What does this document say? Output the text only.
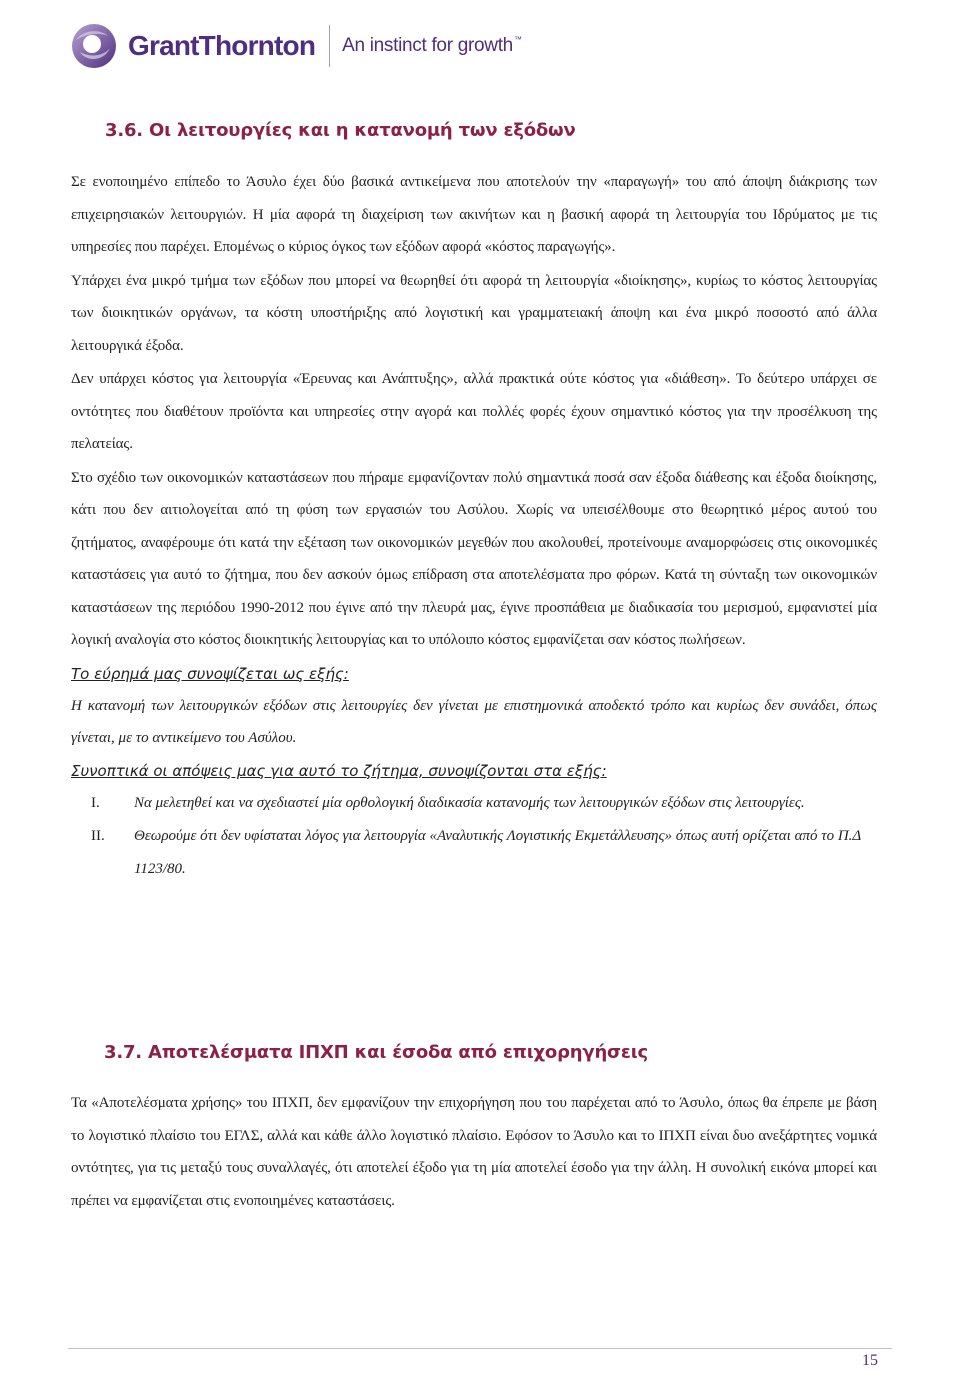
GrantThornton An instinct for growth™
3.6. Οι λειτουργίες και η κατανομή των εξόδων

Σε ενοποιημένο επίπεδο το Άσυλο έχει δύο βασικά αντικείμενα που αποτελούν την «παραγωγή» του από άποψη διάκρισης των επιχειρησιακών λειτουργιών. Η μία αφορά τη διαχείριση των ακινήτων και η βασική αφορά τη λειτουργία του Ιδρύματος με τις υπηρεσίες που παρέχει. Επομένως ο κύριος όγκος των εξόδων αφορά «κόστος παραγωγής».

Υπάρχει ένα μικρό τμήμα των εξόδων που μπορεί να θεωρηθεί ότι αφορά τη λειτουργία «διοίκησης», κυρίως το κόστος λειτουργίας των διοικητικών οργάνων, τα κόστη υποστήριξης από λογιστική και γραμματειακή άποψη και ένα μικρό ποσοστό από άλλα λειτουργικά έξοδα.

Δεν υπάρχει κόστος για λειτουργία «Έρευνας και Ανάπτυξης», αλλά πρακτικά ούτε κόστος για «διάθεση». Το δεύτερο υπάρχει σε οντότητες που διαθέτουν προϊόντα και υπηρεσίες στην αγορά και πολλές φορές έχουν σημαντικό κόστος για την προσέλκυση της πελατείας.

Στο σχέδιο των οικονομικών καταστάσεων που πήραμε εμφανίζονταν πολύ σημαντικά ποσά σαν έξοδα διάθεσης και έξοδα διοίκησης, κάτι που δεν αιτιολογείται από τη φύση των εργασιών του Ασύλου. Χωρίς να υπεισέλθουμε στο θεωρητικό μέρος αυτού του ζητήματος, αναφέρουμε ότι κατά την εξέταση των οικονομικών μεγεθών που ακολουθεί, προτείνουμε αναμορφώσεις στις οικονομικές καταστάσεις για αυτό το ζήτημα, που δεν ασκούν όμως επίδραση στα αποτελέσματα προ φόρων. Κατά τη σύνταξη των οικονομικών καταστάσεων της περιόδου 1990-2012 που έγινε από την πλευρά μας, έγινε προσπάθεια με διαδικασία του μερισμού, εμφανιστεί μία λογική αναλογία στο κόστος διοικητικής λειτουργίας και το υπόλοιπο κόστος εμφανίζεται σαν κόστος πωλήσεων.

Το εύρημά μας συνοψίζεται ως εξής:

Η κατανομή των λειτουργικών εξόδων στις λειτουργίες δεν γίνεται με επιστημονικά αποδεκτό τρόπο και κυρίως δεν συνάδει, όπως γίνεται, με το αντικείμενο του Ασύλου.

Συνοπτικά οι απόψεις μας για αυτό το ζήτημα, συνοψίζονται στα εξής:

I. Να μελετηθεί και να σχεδιαστεί μία ορθολογική διαδικασία κατανομής των λειτουργικών εξόδων στις λειτουργίες.
II. Θεωρούμε ότι δεν υφίσταται λόγος για λειτουργία «Αναλυτικής Λογιστικής Εκμετάλλευσης» όπως αυτή ορίζεται από το Π.Δ 1123/80.
3.7. Αποτελέσματα ΙΠΧΠ και έσοδα από επιχορηγήσεις

Τα «Αποτελέσματα χρήσης» του ΙΠΧΠ, δεν εμφανίζουν την επιχορήγηση που του παρέχεται από το Άσυλο, όπως θα έπρεπε με βάση το λογιστικό πλαίσιο του ΕΓΛΣ, αλλά και κάθε άλλο λογιστικό πλαίσιο. Εφόσον το Άσυλο και το ΙΠΧΠ είναι δυο ανεξάρτητες νομικά οντότητες, για τις μεταξύ τους συναλλαγές, ότι αποτελεί έξοδο για τη μία αποτελεί έσοδο για την άλλη. Η συνολική εικόνα μπορεί και πρέπει να εμφανίζεται στις ενοποιημένες καταστάσεις.

15
